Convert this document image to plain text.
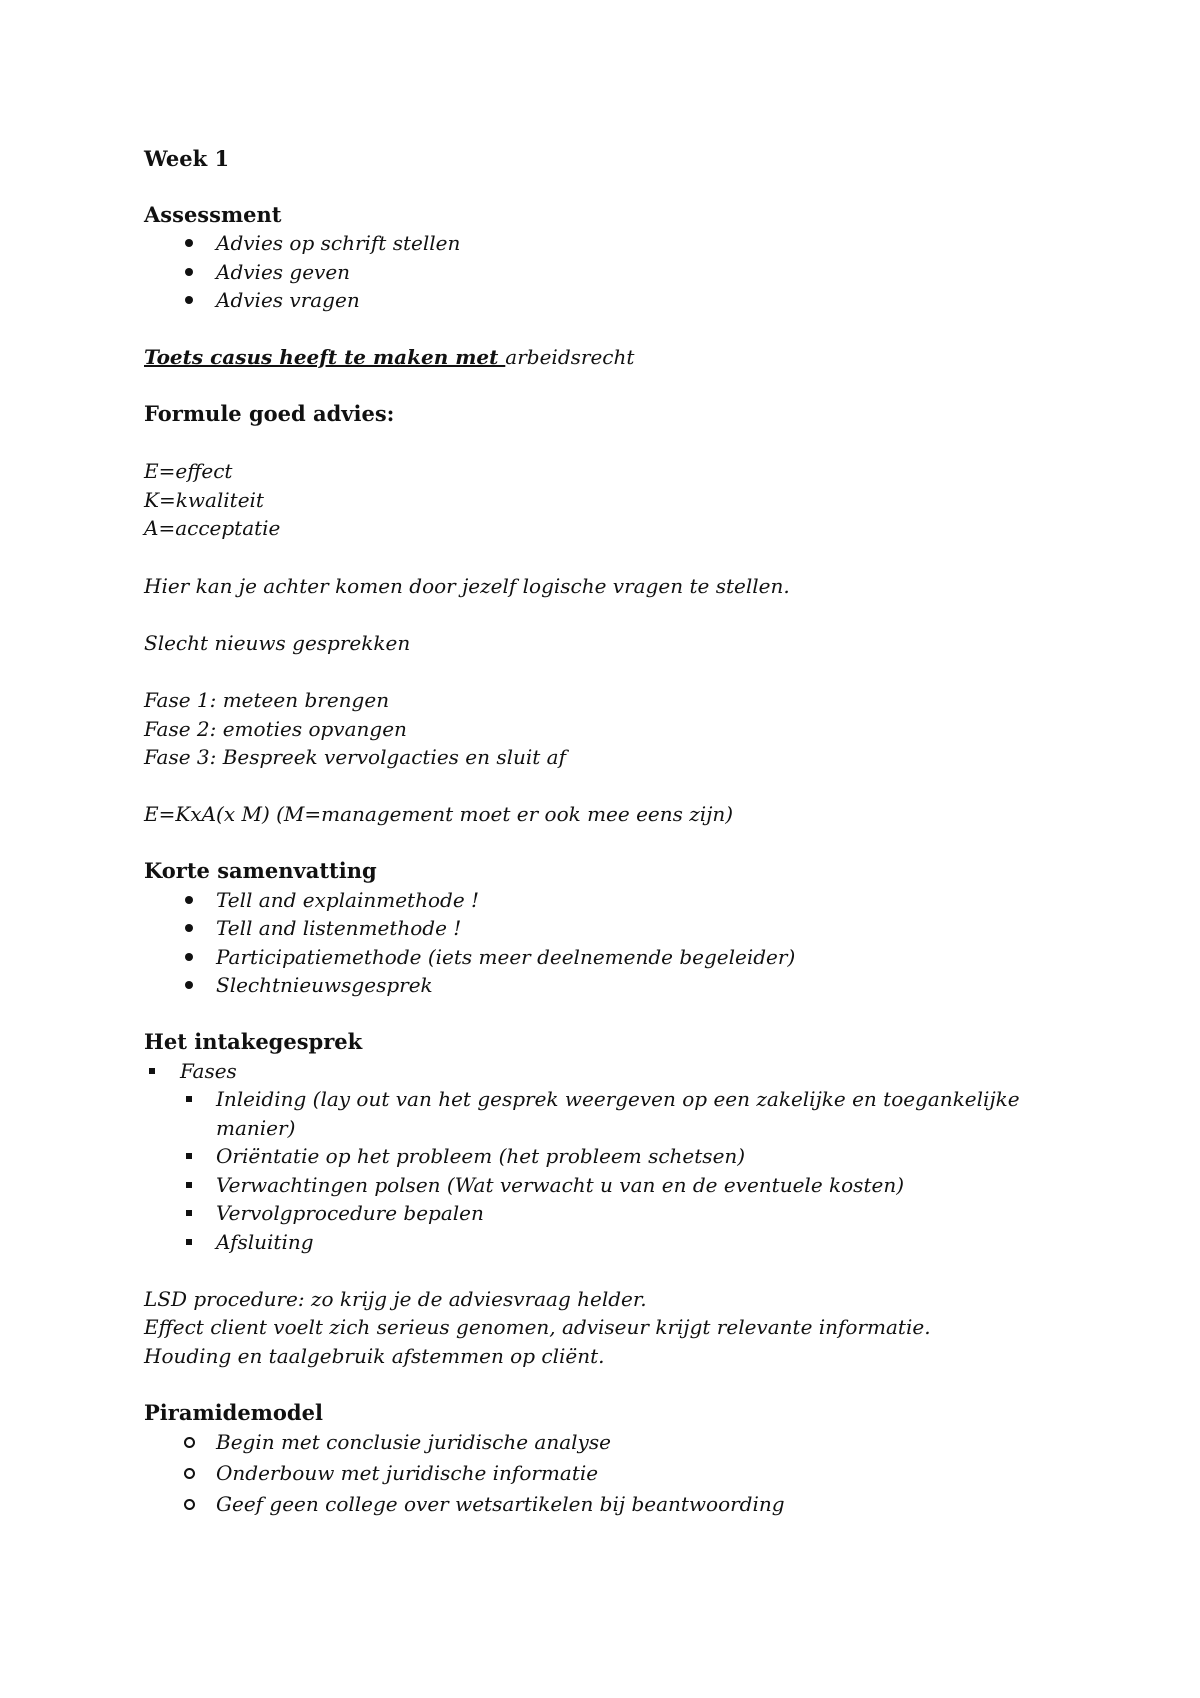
Week 1
Assessment
Advies op schrift stellen
Advies geven
Advies vragen
Toets casus heeft te maken met arbeidsrecht
Formule goed advies:
E=effect
K=kwaliteit
A=acceptatie
Hier kan je achter komen door jezelf logische vragen te stellen.
Slecht nieuws gesprekken
Fase 1: meteen brengen
Fase 2: emoties opvangen
Fase 3: Bespreek vervolgacties en sluit af
E=KxA(x M) (M=management moet er ook mee eens zijn)
Korte samenvatting
Tell and explainmethode !
Tell and listenmethode !
Participatiemethode (iets meer deelnemende begeleider)
Slechtnieuwsgesprek
Het intakegesprek
Fases
Inleiding (lay out van het gesprek weergeven op een zakelijke en toegankelijke
manier)
Oriëntatie op het probleem (het probleem schetsen)
Verwachtingen polsen (Wat verwacht u van en de eventuele kosten)
Vervolgprocedure bepalen
Afsluiting
LSD procedure: zo krijg je de adviesvraag helder.
Effect client voelt zich serieus genomen, adviseur krijgt relevante informatie.
Houding en taalgebruik afstemmen op cliënt.
Piramidemodel
Begin met conclusie juridische analyse
Onderbouw met juridische informatie
Geef geen college over wetsartikelen bij beantwoording
